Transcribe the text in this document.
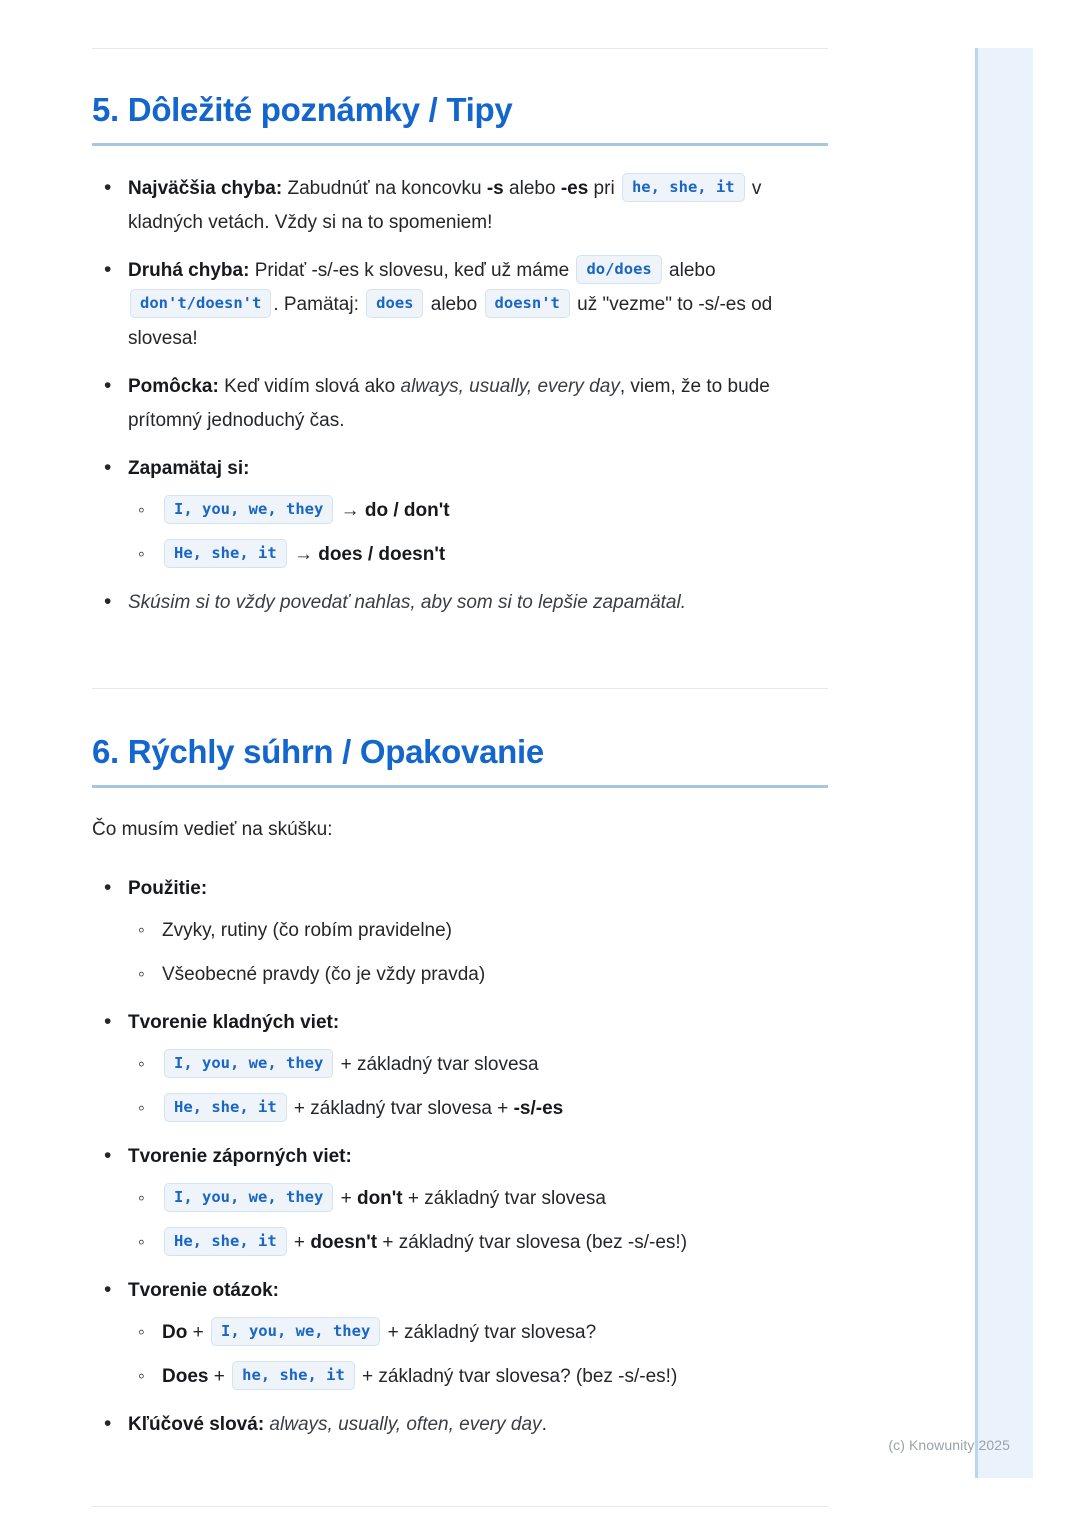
5. Dôležité poznámky / Tipy
• Najväčšia chyba: Zabudnúť na koncovku -s alebo -es pri he, she, it v kladných vetách. Vždy si na to spomeniem!
• Druhá chyba: Pridať -s/-es k slovesu, keď už máme do/does alebo don't/doesn't . Pamätaj: does alebo doesn't už "vezme" to -s/-es od slovesa!
• Pomôcka: Keď vidím slová ako always, usually, every day, viem, že to bude prítomný jednoduchý čas.
• Zapamätaj si:
◦ I, you, we, they → do / don't
◦ He, she, it → does / doesn't
• Skúsim si to vždy povedať nahlas, aby som si to lepšie zapamätal.
6. Rýchly súhrn / Opakovanie

Čo musím vedieť na skúšku:

• Použitie:
◦ Zvyky, rutiny (čo robím pravidelne)
◦ Všeobecné pravdy (čo je vždy pravda)
• Tvorenie kladných viet:
◦ I, you, we, they + základný tvar slovesa
◦ He, she, it + základný tvar slovesa + -s/-es
• Tvorenie záporných viet:
◦ I, you, we, they + don't + základný tvar slovesa
◦ He, she, it + doesn't + základný tvar slovesa (bez -s/-es!)
• Tvorenie otázok:
◦ Do + I, you, we, they + základný tvar slovesa?
◦ Does + he, she, it + základný tvar slovesa? (bez -s/-es!)
• Kľúčové slová: always, usually, often, every day.
(c) Knowunity 2025
